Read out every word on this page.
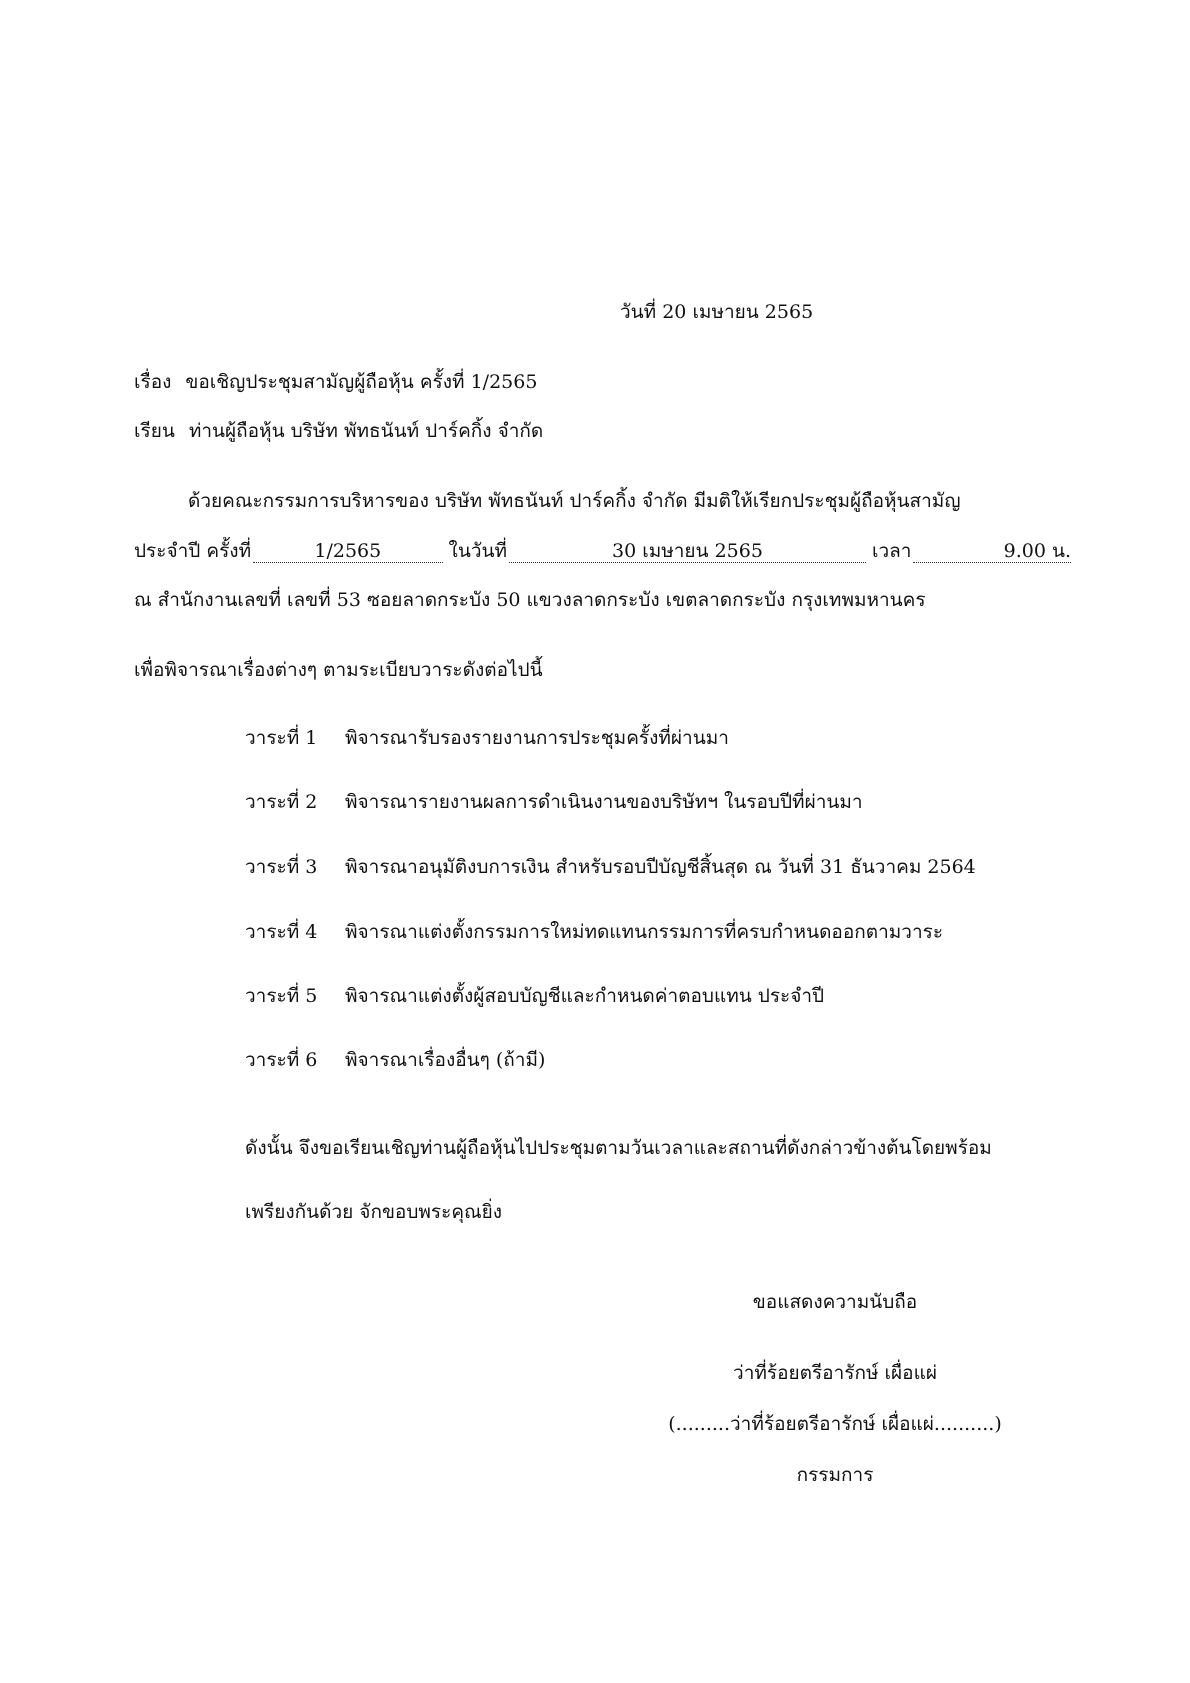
วันที่ 20 เมษายน 2565
เรื่อง ขอเชิญประชุมสามัญผู้ถือหุ้น ครั้งที่ 1/2565
เรียน ท่านผู้ถือหุ้น บริษัท พัทธนันท์ ปาร์คกิ้ง จำกัด
ด้วยคณะกรรมการบริหารของ บริษัท พัทธนันท์ ปาร์คกิ้ง จำกัด มีมติให้เรียกประชุมผู้ถือหุ้นสามัญ
ประจำปี ครั้งที่	1/2565	ในวันที่	30 เมษายน 2565	เวลา	9.00 น.
ณ สำนักงานเลขที่ เลขที่ 53 ซอยลาดกระบัง 50 แขวงลาดกระบัง เขตลาดกระบัง กรุงเทพมหานคร
เพื่อพิจารณาเรื่องต่างๆ ตามระเบียบวาระดังต่อไปนี้
วาระที่ 1 พิจารณารับรองรายงานการประชุมครั้งที่ผ่านมา
วาระที่ 2 พิจารณารายงานผลการดำเนินงานของบริษัทฯ ในรอบปีที่ผ่านมา
วาระที่ 3 พิจารณาอนุมัติงบการเงิน สำหรับรอบปีบัญชีสิ้นสุด ณ วันที่ 31 ธันวาคม 2564
วาระที่ 4 พิจารณาแต่งตั้งกรรมการใหม่ทดแทนกรรมการที่ครบกำหนดออกตามวาระ
วาระที่ 5 พิจารณาแต่งตั้งผู้สอบบัญชีและกำหนดค่าตอบแทน ประจำปี
วาระที่ 6 พิจารณาเรื่องอื่นๆ (ถ้ามี)
ดังนั้น จึงขอเรียนเชิญท่านผู้ถือหุ้นไปประชุมตามวันเวลาและสถานที่ดังกล่าวข้างต้นโดยพร้อม
เพรียงกันด้วย จักขอบพระคุณยิ่ง
ขอแสดงความนับถือ
ว่าที่ร้อยตรีอารักษ์ เผื่อแผ่
(.........ว่าที่ร้อยตรีอารักษ์ เผื่อแผ่..........)
กรรมการ
